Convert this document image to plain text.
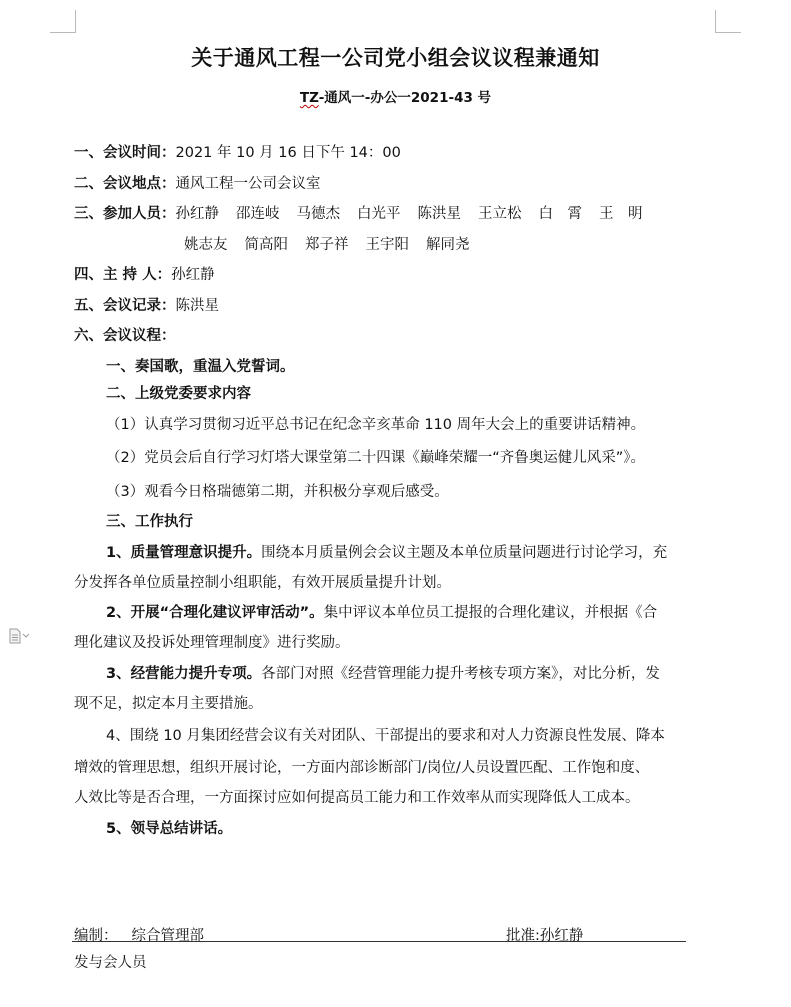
关于通风工程一公司党小组会议议程兼通知
TZ-通风一-办公一2021-43 号
一、会议时间：2021 年 10 月 16 日下午 14：00
二、会议地点：通风工程一公司会议室
三、参加人员： 孙红静 邵连岐 马德杰 白光平 陈洪星 王立松 白　霄 王　明
姚志友 简高阳 郑子祥 王宇阳 解同尧
四、主 持 人：孙红静
五、会议记录：陈洪星
六、会议议程：
一、奏国歌，重温入党誓词。
二、上级党委要求内容
（1）认真学习贯彻习近平总书记在纪念辛亥革命 110 周年大会上的重要讲话精神。
（2）党员会后自行学习灯塔大课堂第二十四课《巅峰荣耀一“齐鲁奥运健儿风采”》。
（3）观看今日格瑞德第二期，并积极分享观后感受。
三、工作执行
1、质量管理意识提升。围绕本月质量例会会议主题及本单位质量问题进行讨论学习，充
分发挥各单位质量控制小组职能，有效开展质量提升计划。
2、开展“合理化建议评审活动”。集中评议本单位员工提报的合理化建议，并根据《合
理化建议及投诉处理管理制度》进行奖励。
3、经营能力提升专项。各部门对照《经营管理能力提升考核专项方案》，对比分析，发
现不足，拟定本月主要措施。
4、围绕 10 月集团经营会议有关对团队、干部提出的要求和对人力资源良性发展、降本
增效的管理思想，组织开展讨论，一方面内部诊断部门/岗位/人员设置匹配、工作饱和度、
人效比等是否合理，一方面探讨应如何提高员工能力和工作效率从而实现降低人工成本。
5、领导总结讲话。
编制： 综合管理部	批准:孙红静
发与会人员
